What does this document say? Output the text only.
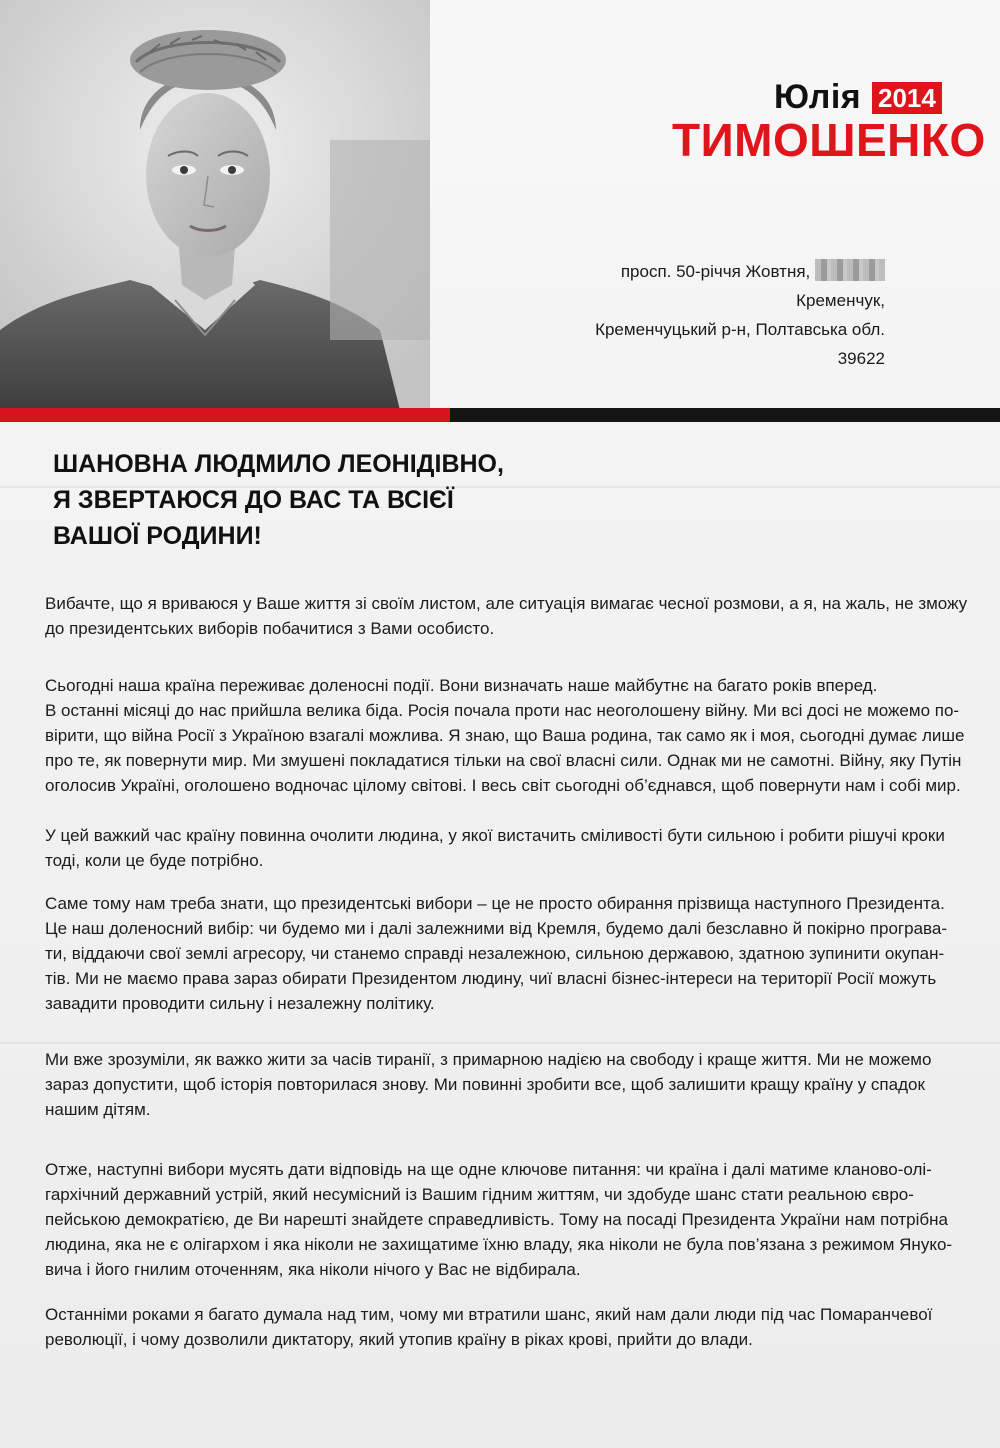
Юлія 2014
ТИМОШЕНКО
просп. 50-річчя Жовтня,
Кременчук,
Кременчуцький р-н, Полтавська обл.
39622
ШАНОВНА ЛЮДМИЛО ЛЕОНІДІВНО,
Я ЗВЕРТАЮСЯ ДО ВАС ТА ВСІЄЇ
ВАШОЇ РОДИНИ!

Вибачте, що я вриваюся у Ваше життя зі своїм листом, але ситуація вимагає чесної розмови, а я, на жаль, не зможу
до президентських виборів побачитися з Вами особисто.

Сьогодні наша країна переживає доленосні події. Вони визначать наше майбутнє на багато років вперед.

В останні місяці до нас прийшла велика біда. Росія почала проти нас неоголошену війну. Ми всі досі не можемо по-
вірити, що війна Росії з Україною взагалі можлива. Я знаю, що Ваша родина, так само як і моя, сьогодні думає лише
про те, як повернути мир. Ми змушені покладатися тільки на свої власні сили. Однак ми не самотні. Війну, яку Путін
оголосив Україні, оголошено водночас цілому світові. І весь світ сьогодні об’єднався, щоб повернути нам і собі мир.

У цей важкий час країну повинна очолити людина, у якої вистачить сміливості бути сильною і робити рішучі кроки
тоді, коли це буде потрібно.

Саме тому нам треба знати, що президентські вибори – це не просто обирання прізвища наступного Президента.
Це наш доленосний вибір: чи будемо ми і далі залежними від Кремля, будемо далі безславно й покірно програва-
ти, віддаючи свої землі агресору, чи станемо справді незалежною, сильною державою, здатною зупинити окупан-
тів. Ми не маємо права зараз обирати Президентом людину, чиї власні бізнес-інтереси на території Росії можуть
завадити проводити сильну і незалежну політику.

Ми вже зрозуміли, як важко жити за часів тиранії, з примарною надією на свободу і краще життя. Ми не можемо
зараз допустити, щоб історія повторилася знову. Ми повинні зробити все, щоб залишити кращу країну у спадок
нашим дітям.

Отже, наступні вибори мусять дати відповідь на ще одне ключове питання: чи країна і далі матиме кланово-олі-
гархічний державний устрій, який несумісний із Вашим гідним життям, чи здобуде шанс стати реальною євро-
пейською демократією, де Ви нарешті знайдете справедливість. Тому на посаді Президента України нам потрібна
людина, яка не є олігархом і яка ніколи не захищатиме їхню владу, яка ніколи не була пов’язана з режимом Януко-
вича і його гнилим оточенням, яка ніколи нічого у Вас не відбирала.

Останніми роками я багато думала над тим, чому ми втратили шанс, який нам дали люди під час Помаранчевої
революції, і чому дозволили диктатору, який утопив країну в ріках крові, прийти до влади.
